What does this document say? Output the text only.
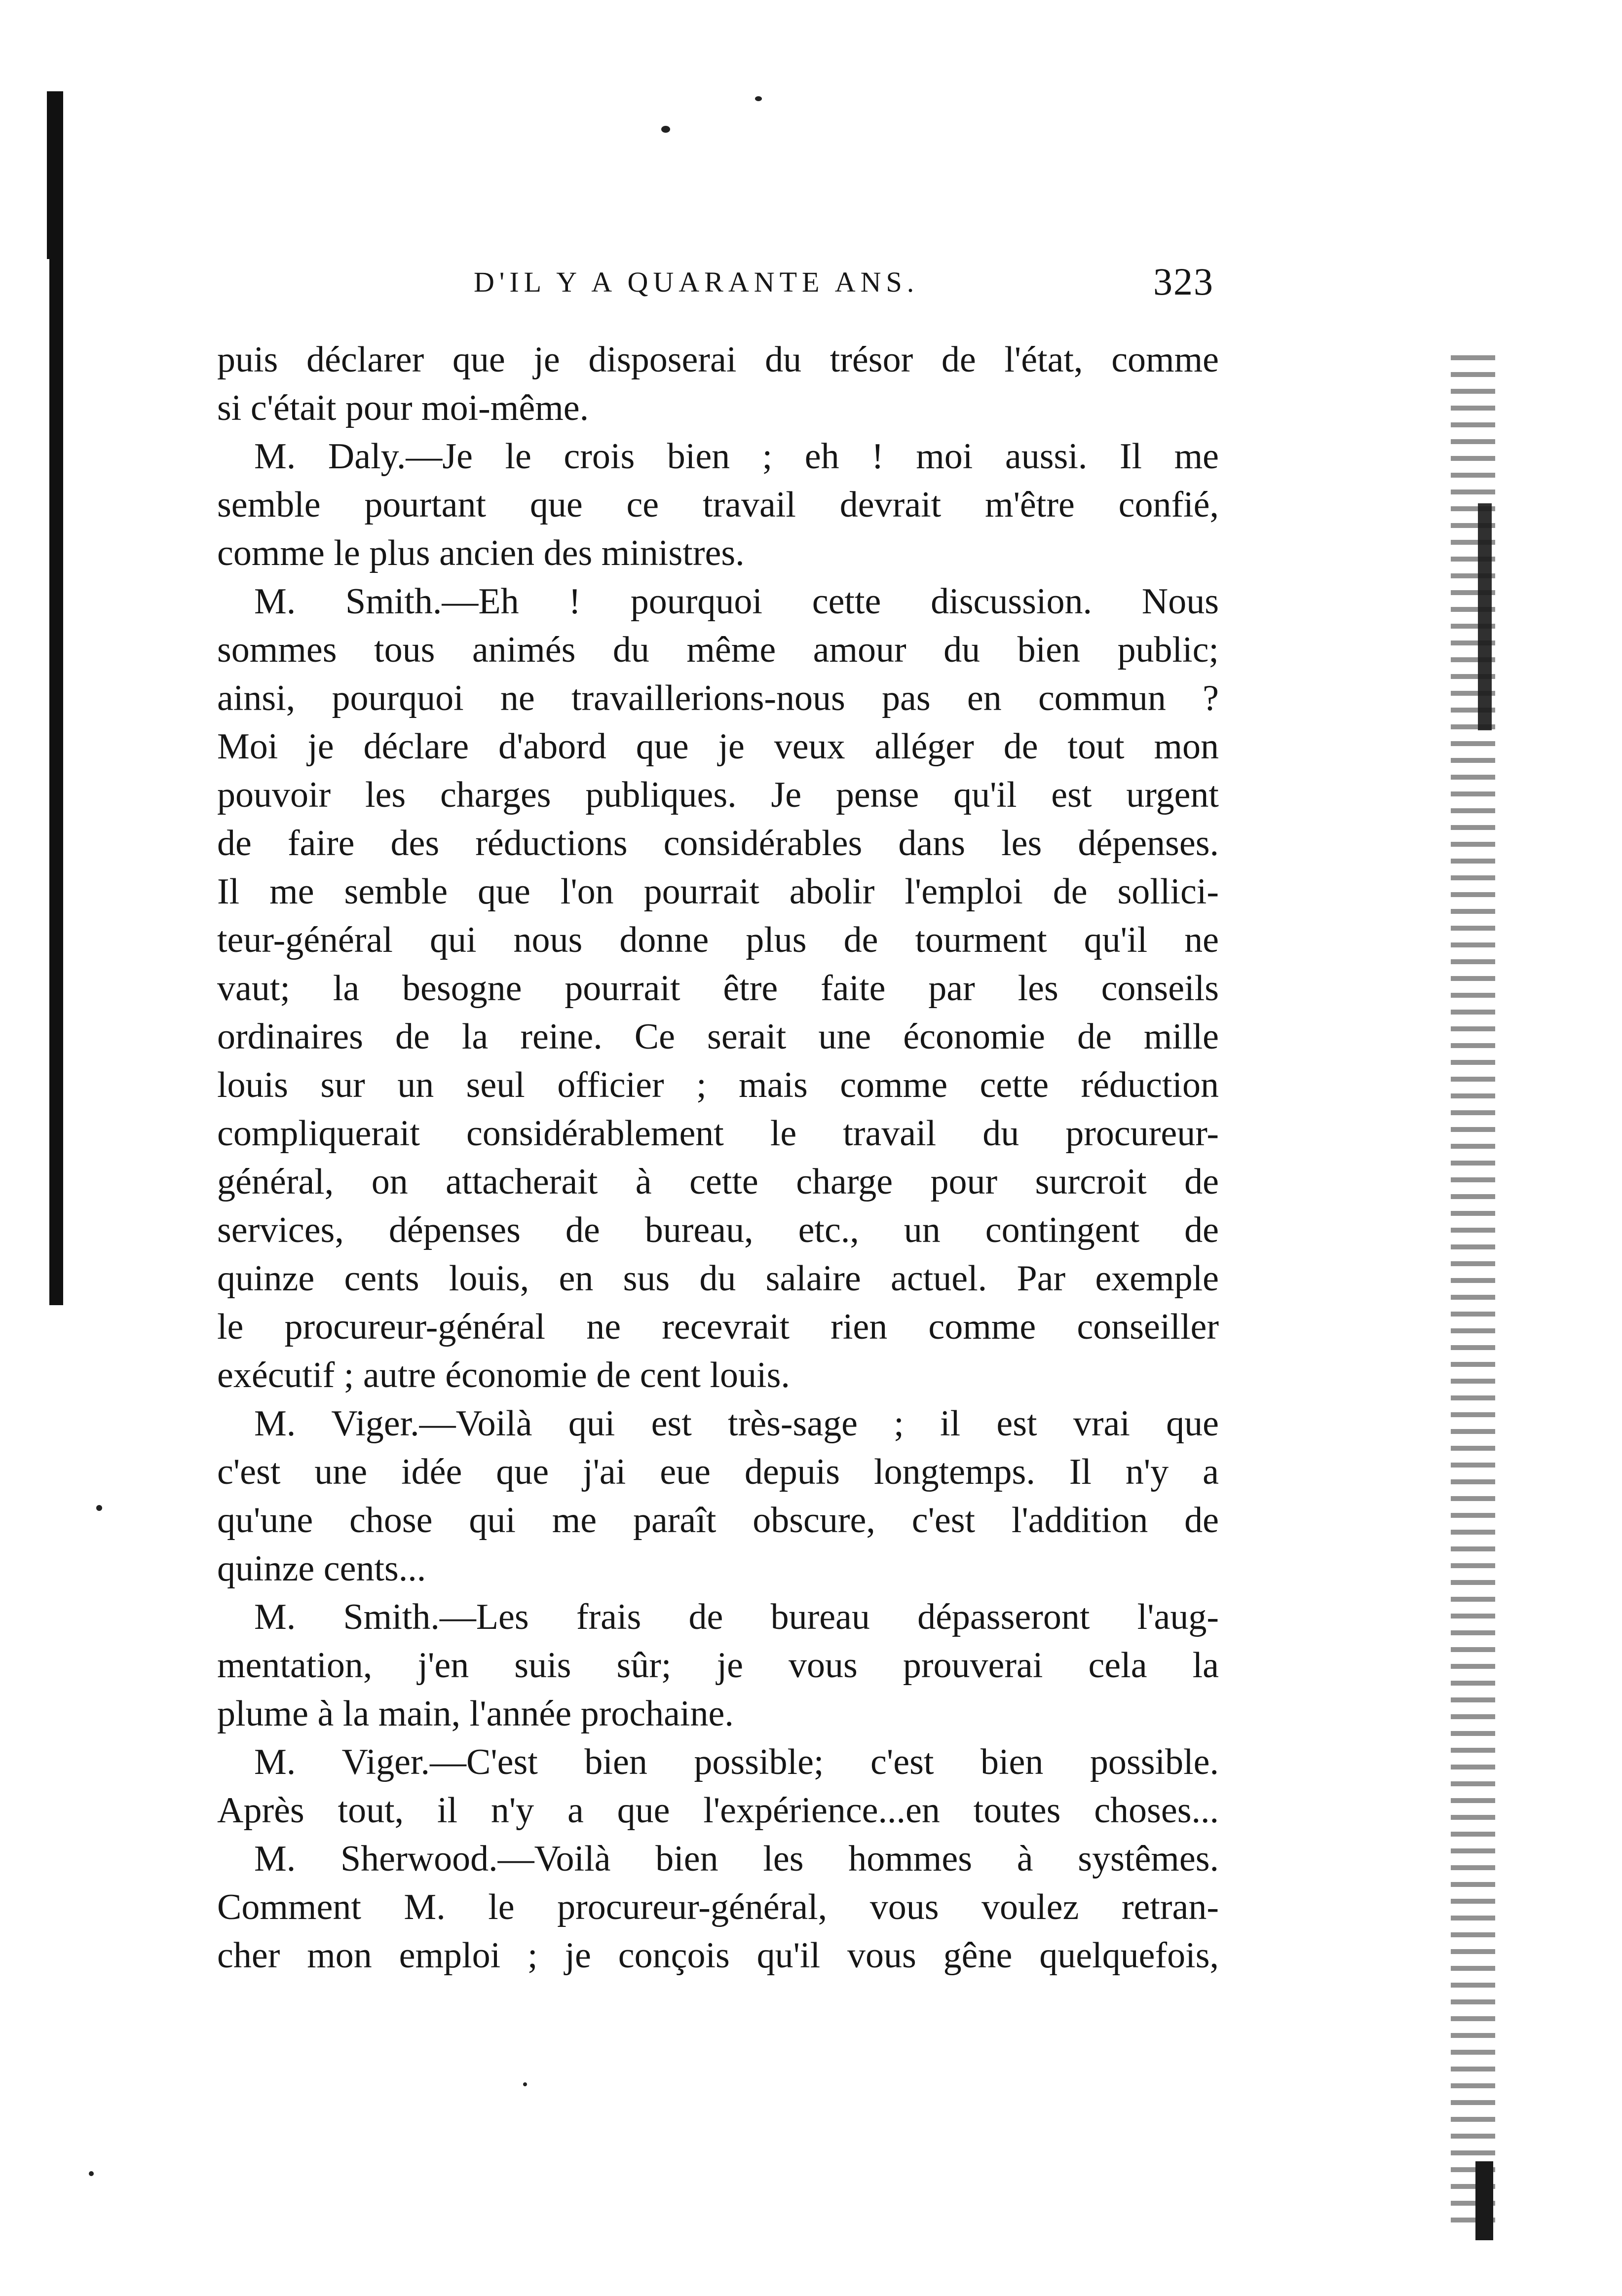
D'IL Y A QUARANTE ANS.	323
puis déclarer que je disposerai du trésor de l'état, comme
si c'était pour moi-même.
M. Daly.—Je le crois bien ; eh ! moi aussi. Il me
semble pourtant que ce travail devrait m'être confié,
comme le plus ancien des ministres.
M. Smith.—Eh ! pourquoi cette discussion. Nous
sommes tous animés du même amour du bien public;
ainsi, pourquoi ne travaillerions-nous pas en commun ?
Moi je déclare d'abord que je veux alléger de tout mon
pouvoir les charges publiques. Je pense qu'il est urgent
de faire des réductions considérables dans les dépenses.
Il me semble que l'on pourrait abolir l'emploi de sollici-
teur-général qui nous donne plus de tourment qu'il ne
vaut; la besogne pourrait être faite par les conseils
ordinaires de la reine. Ce serait une économie de mille
louis sur un seul officier ; mais comme cette réduction
compliquerait considérablement le travail du procureur-
général, on attacherait à cette charge pour surcroit de
services, dépenses de bureau, etc., un contingent de
quinze cents louis, en sus du salaire actuel. Par exemple
le procureur-général ne recevrait rien comme conseiller
exécutif ; autre économie de cent louis.
M. Viger.—Voilà qui est très-sage ; il est vrai que
c'est une idée que j'ai eue depuis longtemps. Il n'y a
qu'une chose qui me paraît obscure, c'est l'addition de
quinze cents...
M. Smith.—Les frais de bureau dépasseront l'aug-
mentation, j'en suis sûr; je vous prouverai cela la
plume à la main, l'année prochaine.
M. Viger.—C'est bien possible; c'est bien possible.
Après tout, il n'y a que l'expérience...en toutes choses...
M. Sherwood.—Voilà bien les hommes à systêmes.
Comment M. le procureur-général, vous voulez retran-
cher mon emploi ; je conçois qu'il vous gêne quelquefois,
